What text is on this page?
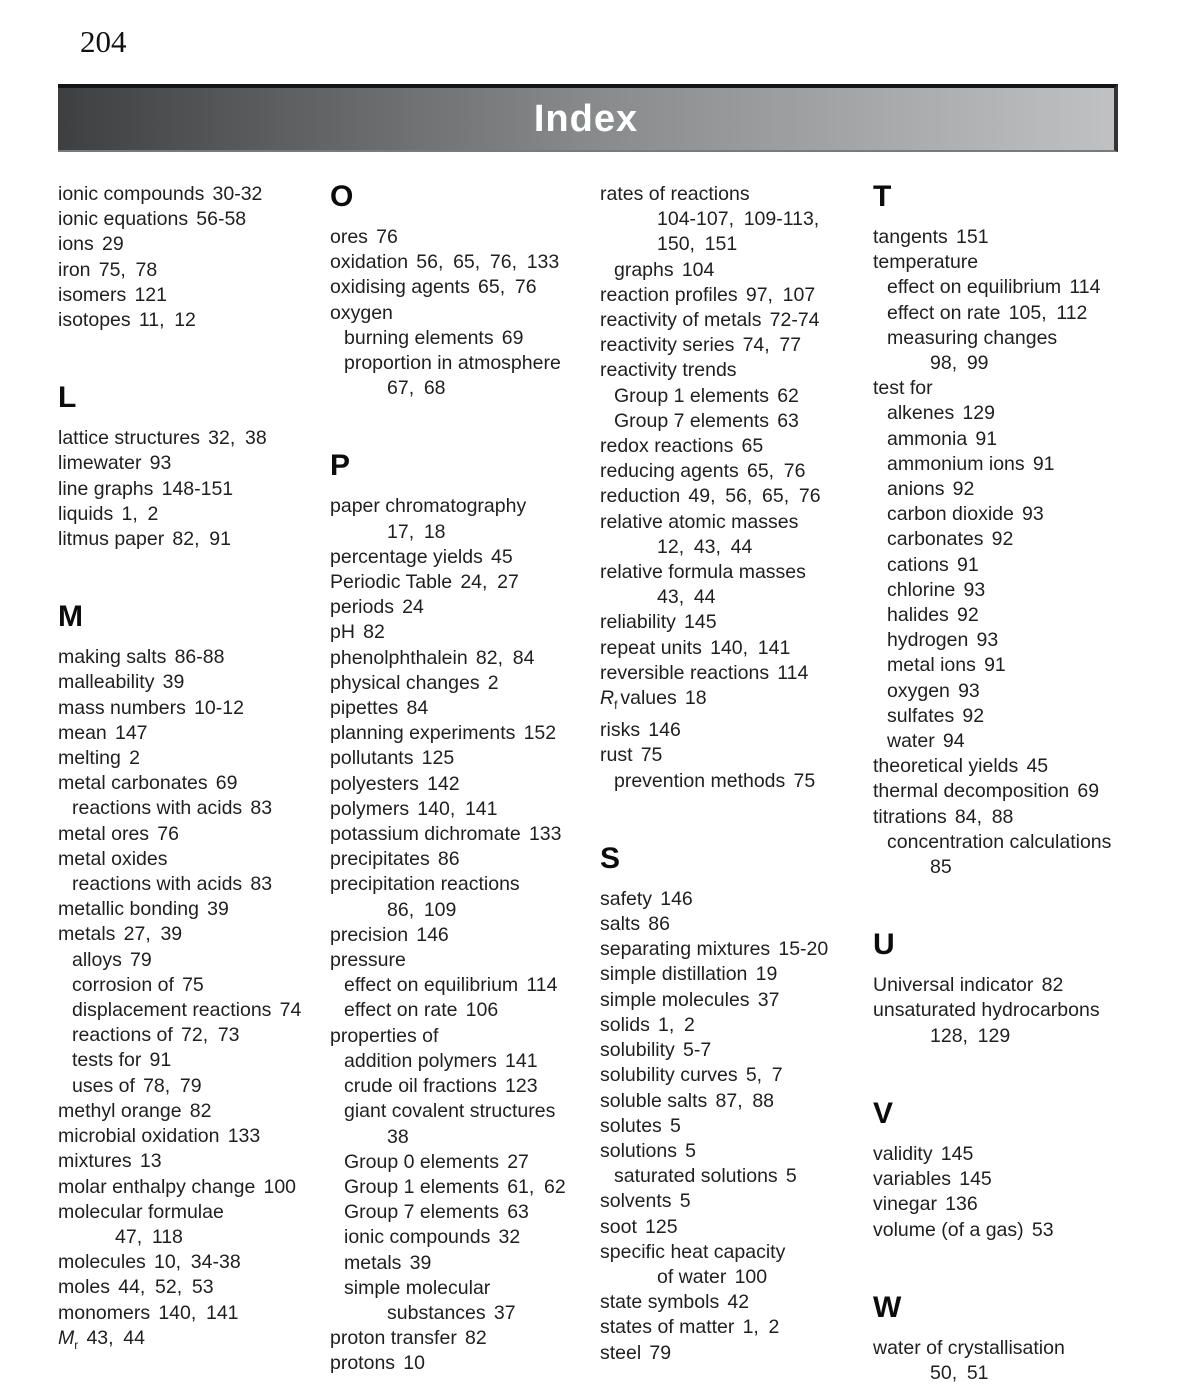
204
Index
ionic compounds 30-32
ionic equations 56-58
ions 29
iron 75, 78
isomers 121
isotopes 11, 12
L
lattice structures 32, 38
limewater 93
line graphs 148-151
liquids 1, 2
litmus paper 82, 91
M
making salts 86-88
malleability 39
mass numbers 10-12
mean 147
melting 2
metal carbonates 69
reactions with acids 83
metal ores 76
metal oxides
reactions with acids 83
metallic bonding 39
metals 27, 39
alloys 79
corrosion of 75
displacement reactions 74
reactions of 72, 73
tests for 91
uses of 78, 79
methyl orange 82
microbial oxidation 133
mixtures 13
molar enthalpy change 100
molecular formulae
47, 118
molecules 10, 34-38
moles 44, 52, 53
monomers 140, 141
$M_r$ 43, 44
O
ores 76
oxidation 56, 65, 76, 133
oxidising agents 65, 76
oxygen
burning elements 69
proportion in atmosphere
67, 68
P
paper chromatography
17, 18
percentage yields 45
Periodic Table 24, 27
periods 24
pH 82
phenolphthalein 82, 84
physical changes 2
pipettes 84
planning experiments 152
pollutants 125
polyesters 142
polymers 140, 141
potassium dichromate 133
precipitates 86
precipitation reactions
86, 109
precision 146
pressure
effect on equilibrium 114
effect on rate 106
properties of
addition polymers 141
crude oil fractions 123
giant covalent structures
38
Group 0 elements 27
Group 1 elements 61, 62
Group 7 elements 63
ionic compounds 32
metals 39
simple molecular
substances 37
proton transfer 82
protons 10
rates of reactions
104-107, 109-113,
150, 151
graphs 104
reaction profiles 97, 107
reactivity of metals 72-74
reactivity series 74, 77
reactivity trends
Group 1 elements 62
Group 7 elements 63
redox reactions 65
reducing agents 65, 76
reduction 49, 56, 65, 76
relative atomic masses
12, 43, 44
relative formula masses
43, 44
reliability 145
repeat units 140, 141
reversible reactions 114
$R_f$ values 18
risks 146
rust 75
prevention methods 75
S
safety 146
salts 86
separating mixtures 15-20
simple distillation 19
simple molecules 37
solids 1, 2
solubility 5-7
solubility curves 5, 7
soluble salts 87, 88
solutes 5
solutions 5
saturated solutions 5
solvents 5
soot 125
specific heat capacity
of water 100
state symbols 42
states of matter 1, 2
steel 79
T
tangents 151
temperature
effect on equilibrium 114
effect on rate 105, 112
measuring changes
98, 99
test for
alkenes 129
ammonia 91
ammonium ions 91
anions 92
carbon dioxide 93
carbonates 92
cations 91
chlorine 93
halides 92
hydrogen 93
metal ions 91
oxygen 93
sulfates 92
water 94
theoretical yields 45
thermal decomposition 69
titrations 84, 88
concentration calculations
85
U
Universal indicator 82
unsaturated hydrocarbons
128, 129
V
validity 145
variables 145
vinegar 136
volume (of a gas) 53
W
water of crystallisation
50, 51
